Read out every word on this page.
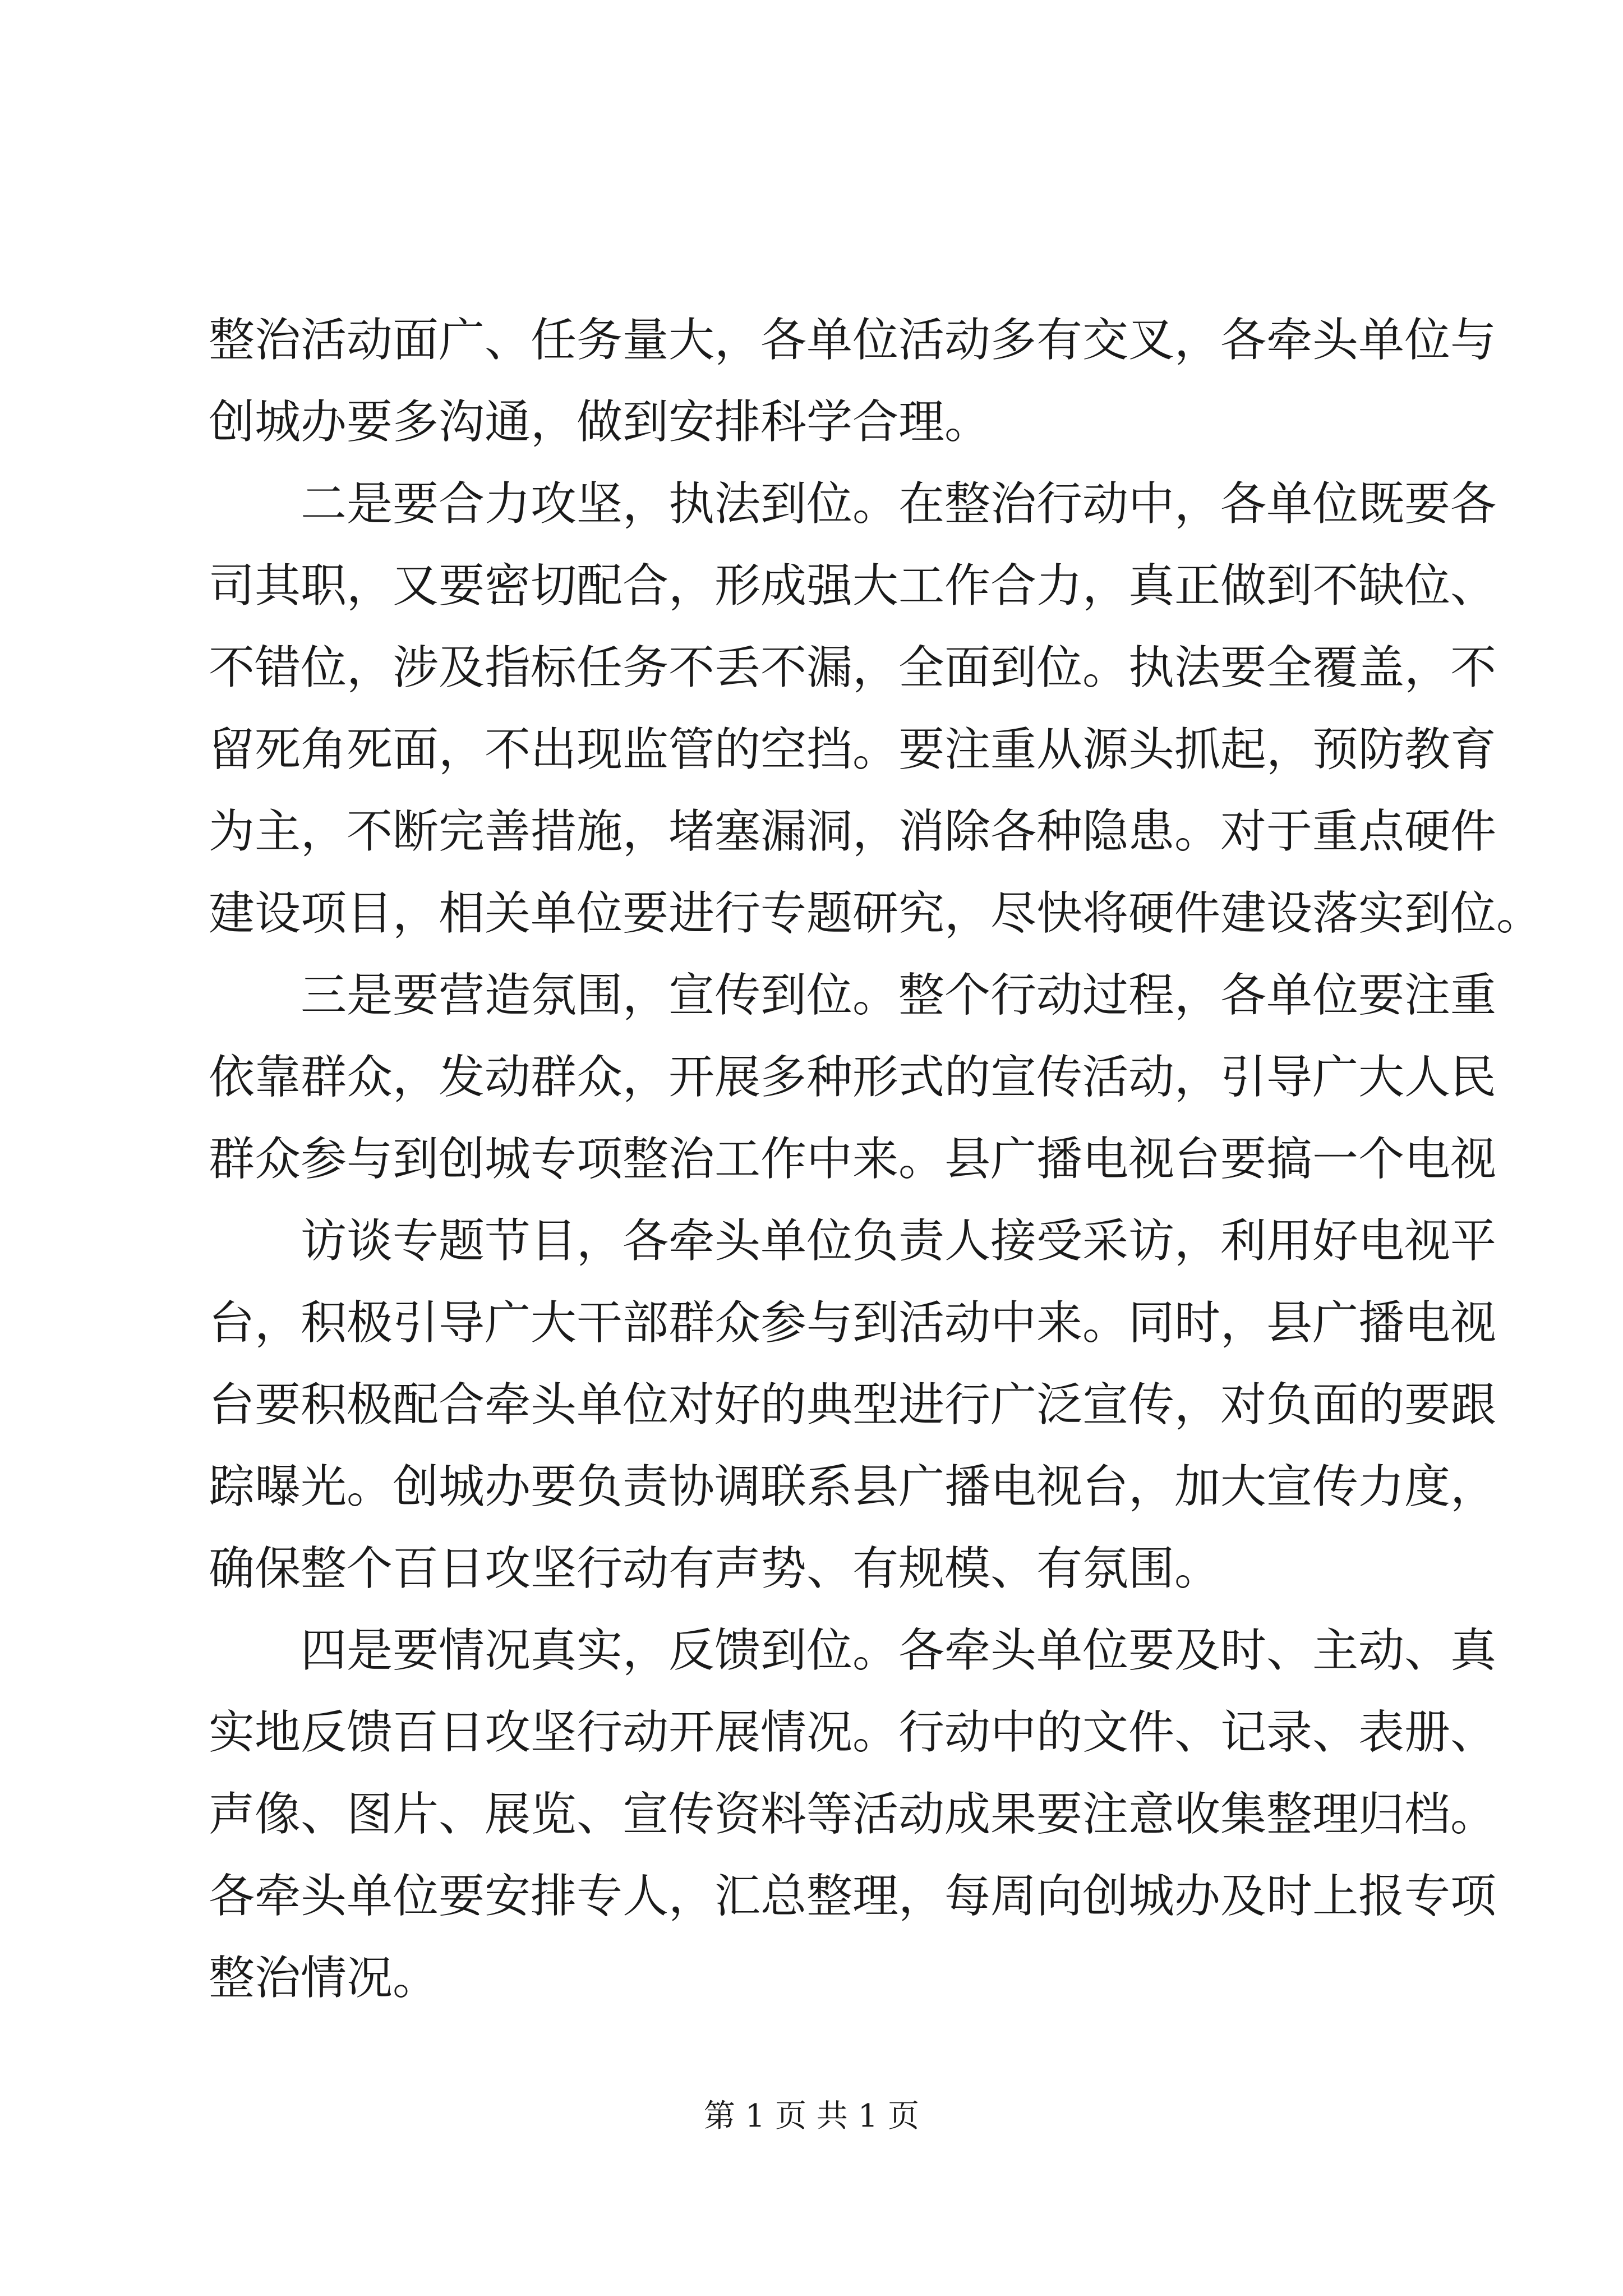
整治活动面广、任务量大，各单位活动多有交叉，各牵头单位与
创城办要多沟通，做到安排科学合理。
二是要合力攻坚，执法到位。在整治行动中，各单位既要各
司其职，又要密切配合，形成强大工作合力，真正做到不缺位、
不错位，涉及指标任务不丢不漏，全面到位。执法要全覆盖，不
留死角死面，不出现监管的空挡。要注重从源头抓起，预防教育
为主，不断完善措施，堵塞漏洞，消除各种隐患。对于重点硬件
建设项目，相关单位要进行专题研究，尽快将硬件建设落实到位。
三是要营造氛围，宣传到位。整个行动过程，各单位要注重
依靠群众，发动群众，开展多种形式的宣传活动，引导广大人民
群众参与到创城专项整治工作中来。县广播电视台要搞一个电视
访谈专题节目，各牵头单位负责人接受采访，利用好电视平
台，积极引导广大干部群众参与到活动中来。同时，县广播电视
台要积极配合牵头单位对好的典型进行广泛宣传，对负面的要跟
踪曝光。创城办要负责协调联系县广播电视台，加大宣传力度，
确保整个百日攻坚行动有声势、有规模、有氛围。
四是要情况真实，反馈到位。各牵头单位要及时、主动、真
实地反馈百日攻坚行动开展情况。行动中的文件、记录、表册、
声像、图片、展览、宣传资料等活动成果要注意收集整理归档。
各牵头单位要安排专人，汇总整理，每周向创城办及时上报专项
整治情况。
第 1 页 共 1 页
